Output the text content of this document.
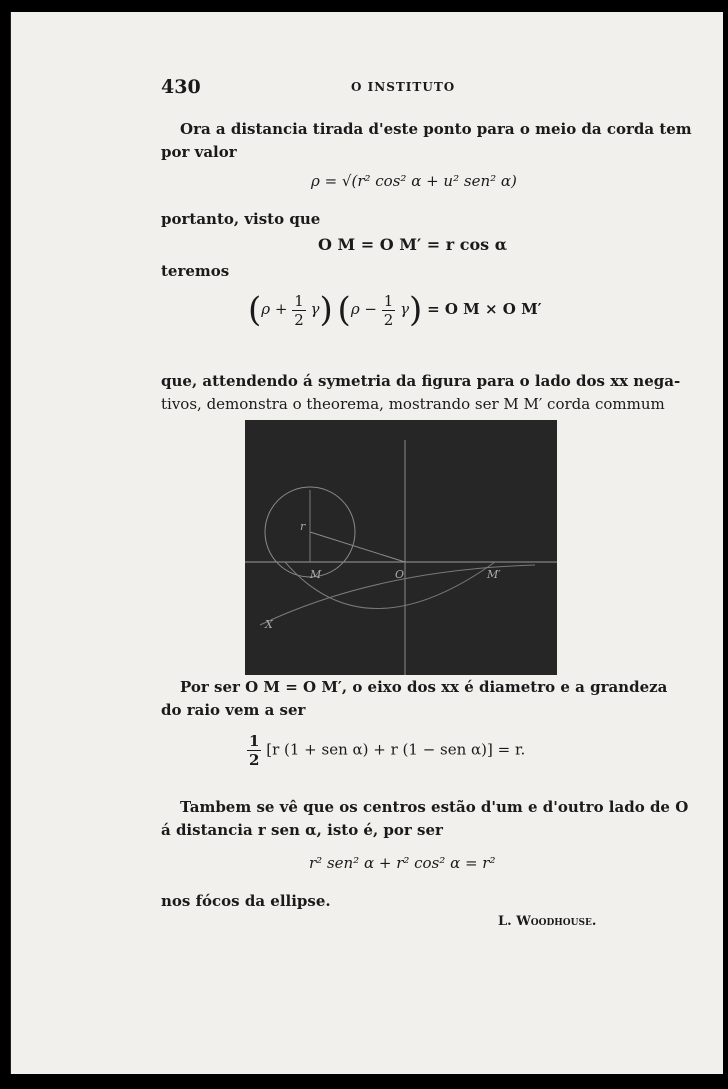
430	O INSTITUTO
Ora a distancia tirada d'este ponto para o meio da corda tem
por valor
ρ = √(r² cos² α + u² sen² α)
portanto, visto que
O M = O M′ = r cos α
teremos
$(\rho + \frac{1}{2} \gamma)$ $(\rho - \frac{1}{2} \gamma) = O$ M × O M′
que, attendendo á symetria da figura para o lado dos xx nega-
tivos, demonstra o theorema, mostrando ser M M′ corda commum
r
M	O	M′
X
Por ser O M = O M′, o eixo dos xx é diametro e a grandeza
do raio vem a ser
$\frac{1}{2} [r$ (1 + sen α) + r (1 − sen α)] = r.
Tambem se vê que os centros estão d'um e d'outro lado de O
á distancia r sen α, isto é, por ser
r² sen² α + r² cos² α = r²
nos fócos da ellipse.
L. Woodhouse.
